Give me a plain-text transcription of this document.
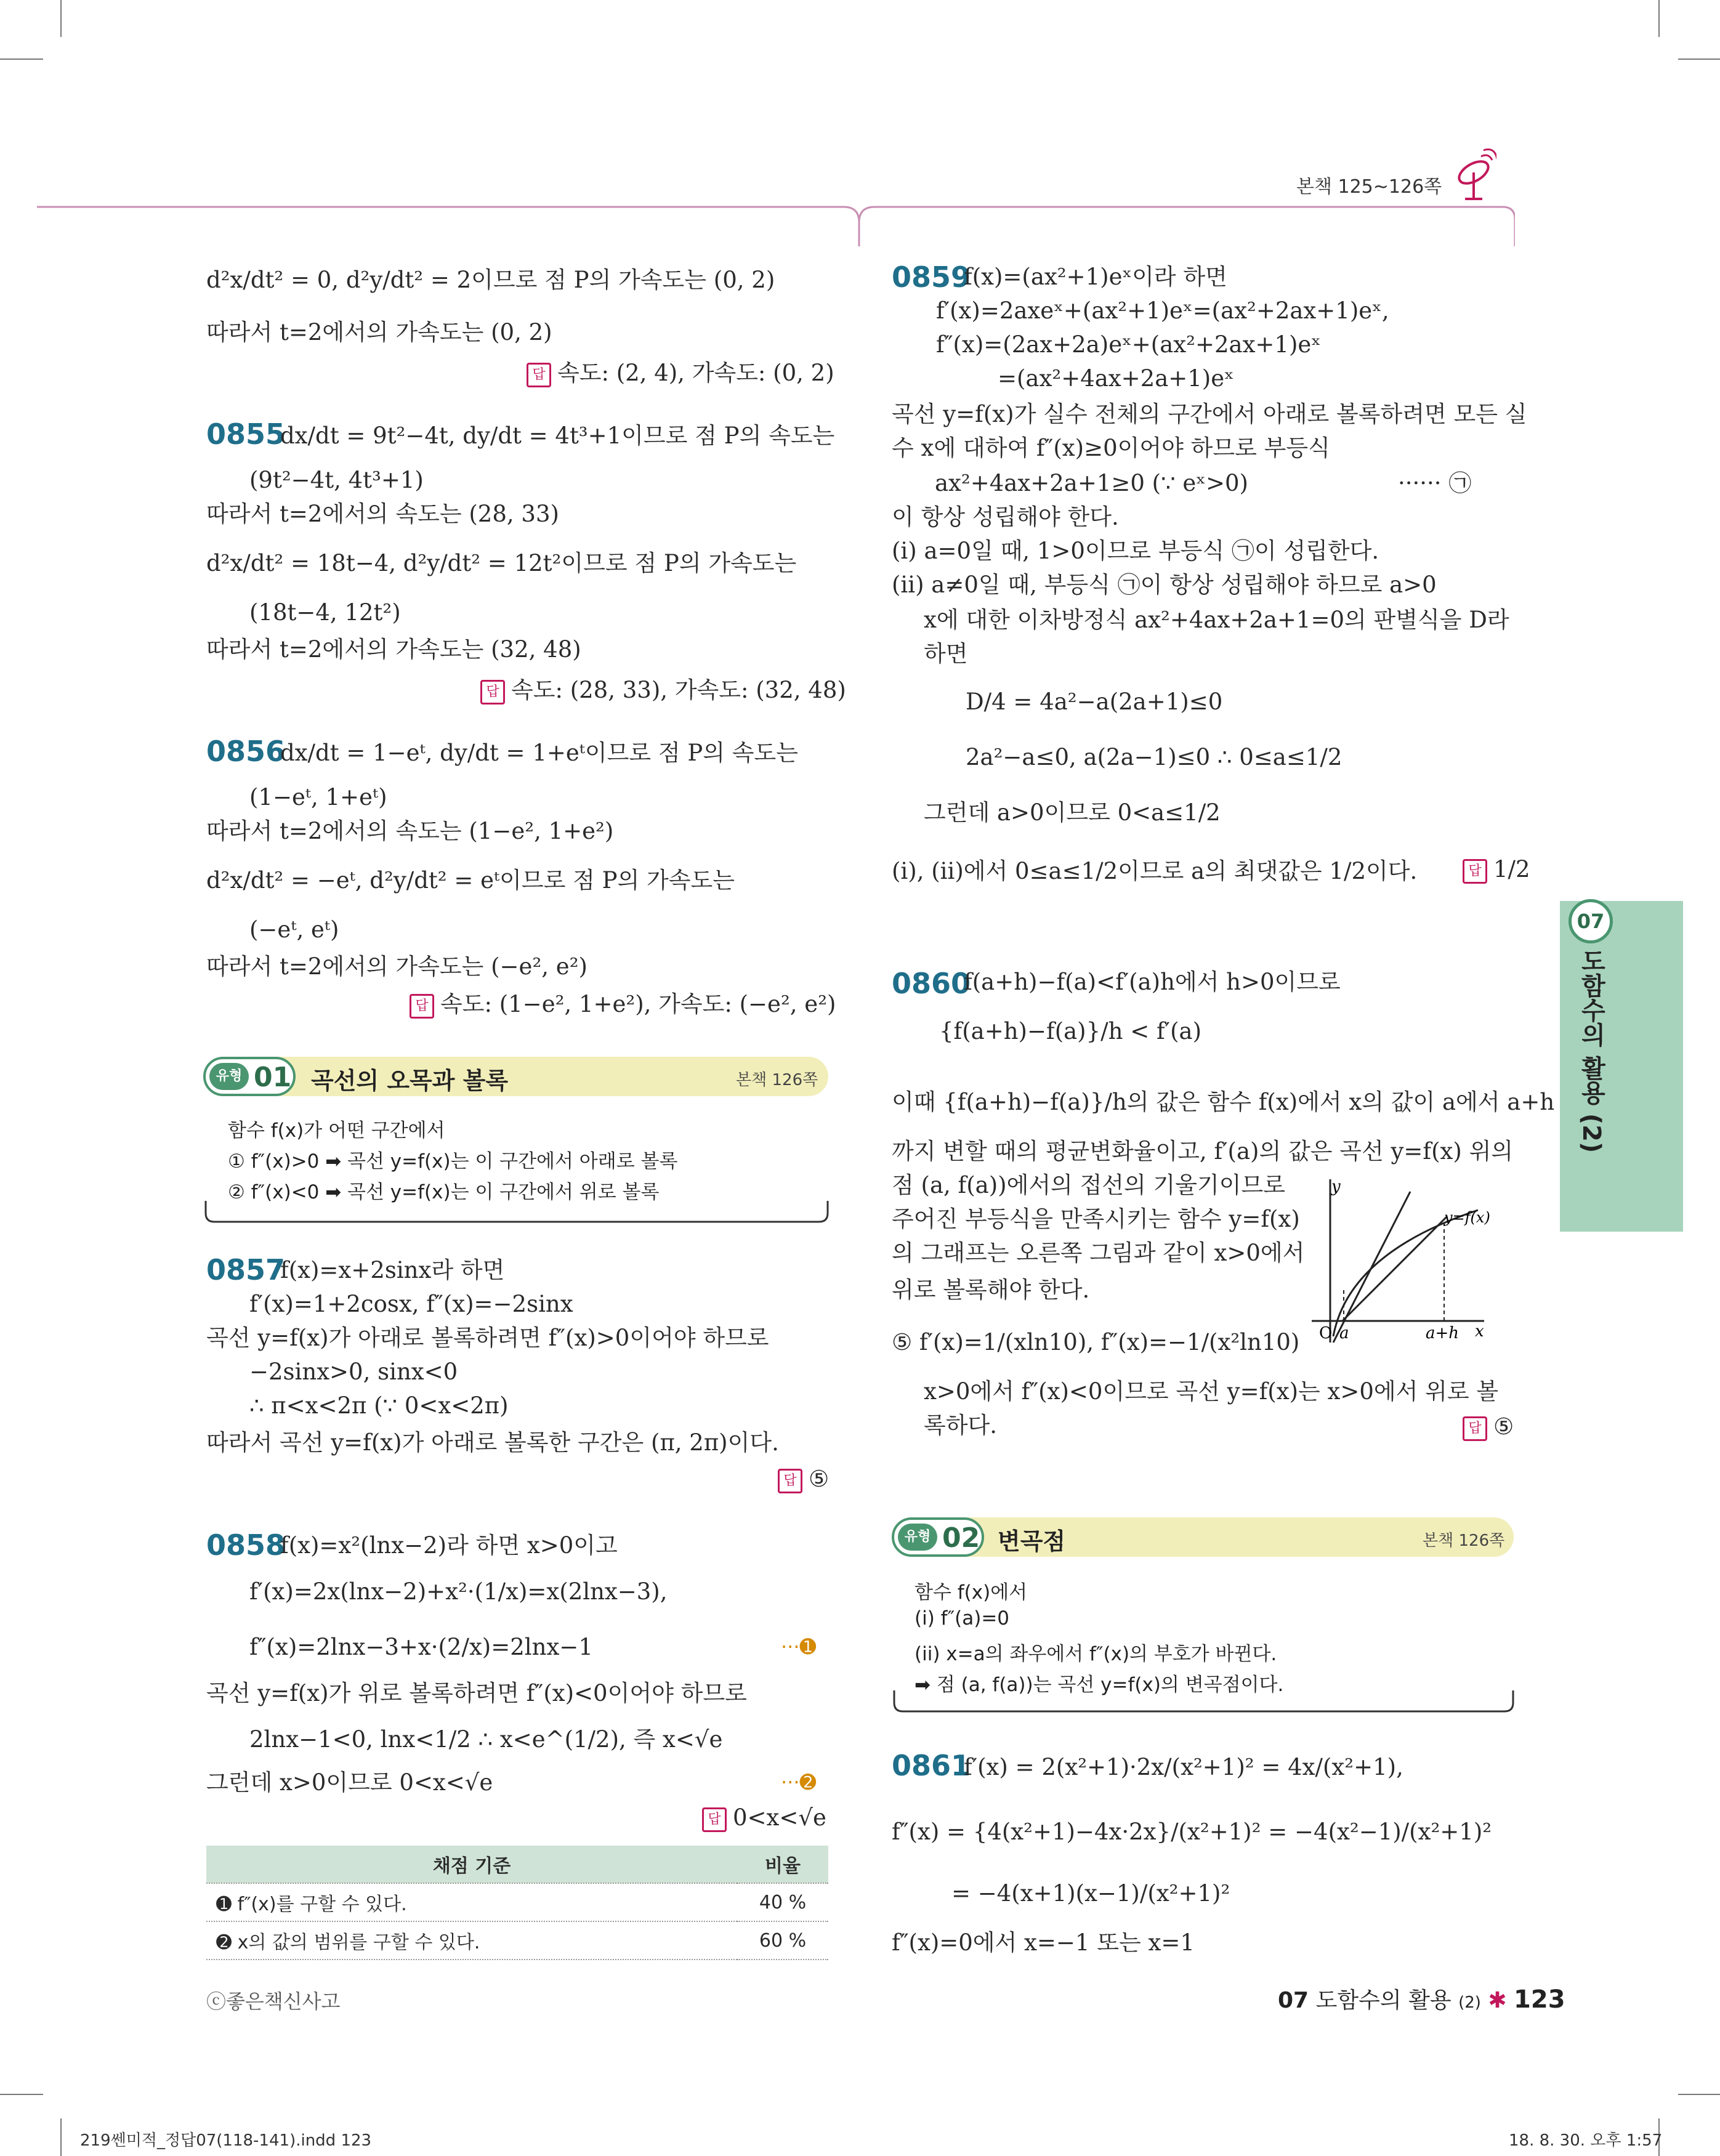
본책 125~126쪽
07
도함수의 활용 (2)
d²x/dt² = 0, d²y/dt² = 2이므로 점 P의 가속도는 (0, 2)
따라서 t=2에서의 가속도는 (0, 2)
답 속도: (2, 4), 가속도: (0, 2)
0855
dx/dt = 9t²−4t, dy/dt = 4t³+1이므로 점 P의 속도는
(9t²−4t, 4t³+1)
따라서 t=2에서의 속도는 (28, 33)
d²x/dt² = 18t−4, d²y/dt² = 12t²이므로 점 P의 가속도는
(18t−4, 12t²)
따라서 t=2에서의 가속도는 (32, 48)
답 속도: (28, 33), 가속도: (32, 48)
0856
dx/dt = 1−eᵗ, dy/dt = 1+eᵗ이므로 점 P의 속도는
(1−eᵗ, 1+eᵗ)
따라서 t=2에서의 속도는 (1−e², 1+e²)
d²x/dt² = −eᵗ, d²y/dt² = eᵗ이므로 점 P의 가속도는
(−eᵗ, eᵗ)
따라서 t=2에서의 가속도는 (−e², e²)
답 속도: (1−e², 1+e²), 가속도: (−e², e²)
유형 01 곡선의 오목과 볼록	본책 126쪽
함수 f(x)가 어떤 구간에서
① f″(x)>0 ➡ 곡선 y=f(x)는 이 구간에서 아래로 볼록
② f″(x)<0 ➡ 곡선 y=f(x)는 이 구간에서 위로 볼록
0857
f(x)=x+2sinx라 하면
f′(x)=1+2cosx, f″(x)=−2sinx
곡선 y=f(x)가 아래로 볼록하려면 f″(x)>0이어야 하므로
−2sinx>0, sinx<0
∴ π<x<2π (∵ 0<x<2π)
따라서 곡선 y=f(x)가 아래로 볼록한 구간은 (π, 2π)이다.
답 ⑤
0858
f(x)=x²(lnx−2)라 하면 x>0이고
f′(x)=2x(lnx−2)+x²·(1/x)=x(2lnx−3),
f″(x)=2lnx−3+x·(2/x)=2lnx−1	···➊
곡선 y=f(x)가 위로 볼록하려면 f″(x)<0이어야 하므로
2lnx−1<0, lnx<1/2 ∴ x<e^(1/2), 즉 x<√e
그런데 x>0이므로 0<x<√e	···➋
답 0<x<√e
채점 기준	비율
➊ f″(x)를 구할 수 있다.	40 %
➋ x의 값의 범위를 구할 수 있다.	60 %
0859
f(x)=(ax²+1)eˣ이라 하면
f′(x)=2axeˣ+(ax²+1)eˣ=(ax²+2ax+1)eˣ,
f″(x)=(2ax+2a)eˣ+(ax²+2ax+1)eˣ
=(ax²+4ax+2a+1)eˣ
곡선 y=f(x)가 실수 전체의 구간에서 아래로 볼록하려면 모든 실
수 x에 대하여 f″(x)≥0이어야 하므로 부등식
ax²+4ax+2a+1≥0 (∵ eˣ>0)	······ ㉠
이 항상 성립해야 한다.
(i) a=0일 때, 1>0이므로 부등식 ㉠이 성립한다.
(ii) a≠0일 때, 부등식 ㉠이 항상 성립해야 하므로 a>0
x에 대한 이차방정식 ax²+4ax+2a+1=0의 판별식을 D라
하면
D/4 = 4a²−a(2a+1)≤0
2a²−a≤0, a(2a−1)≤0 ∴ 0≤a≤1/2
그런데 a>0이므로 0<a≤1/2
(i), (ii)에서 0≤a≤1/2이므로 a의 최댓값은 1/2이다.	답 1/2
0860
f(a+h)−f(a)<f′(a)h에서 h>0이므로
{f(a+h)−f(a)}/h < f′(a)
이때 {f(a+h)−f(a)}/h의 값은 함수 f(x)에서 x의 값이 a에서 a+h
까지 변할 때의 평균변화율이고, f′(a)의 값은 곡선 y=f(x) 위의
점 (a, f(a))에서의 접선의 기울기이므로
주어진 부등식을 만족시키는 함수 y=f(x)
의 그래프는 오른쪽 그림과 같이 x>0에서
위로 볼록해야 한다.
⑤ f′(x)=1/(xln10), f″(x)=−1/(x²ln10)
x>0에서 f″(x)<0이므로 곡선 y=f(x)는 x>0에서 위로 볼
록하다.	답 ⑤
y
x
O a	a+h
y=f(x)
유형 02 변곡점	본책 126쪽
함수 f(x)에서
(i) f″(a)=0
(ii) x=a의 좌우에서 f″(x)의 부호가 바뀐다.
➡ 점 (a, f(a))는 곡선 y=f(x)의 변곡점이다.
0861
f′(x) = 2(x²+1)·2x/(x²+1)² = 4x/(x²+1),
f″(x) = {4(x²+1)−4x·2x}/(x²+1)² = −4(x²−1)/(x²+1)²
= −4(x+1)(x−1)/(x²+1)²
f″(x)=0에서 x=−1 또는 x=1
ⓒ좋은책신사고	07 도함수의 활용 (2) ✱ 123
219쎈미적_정답07(118-141).indd 123	18. 8. 30. 오후 1:57
